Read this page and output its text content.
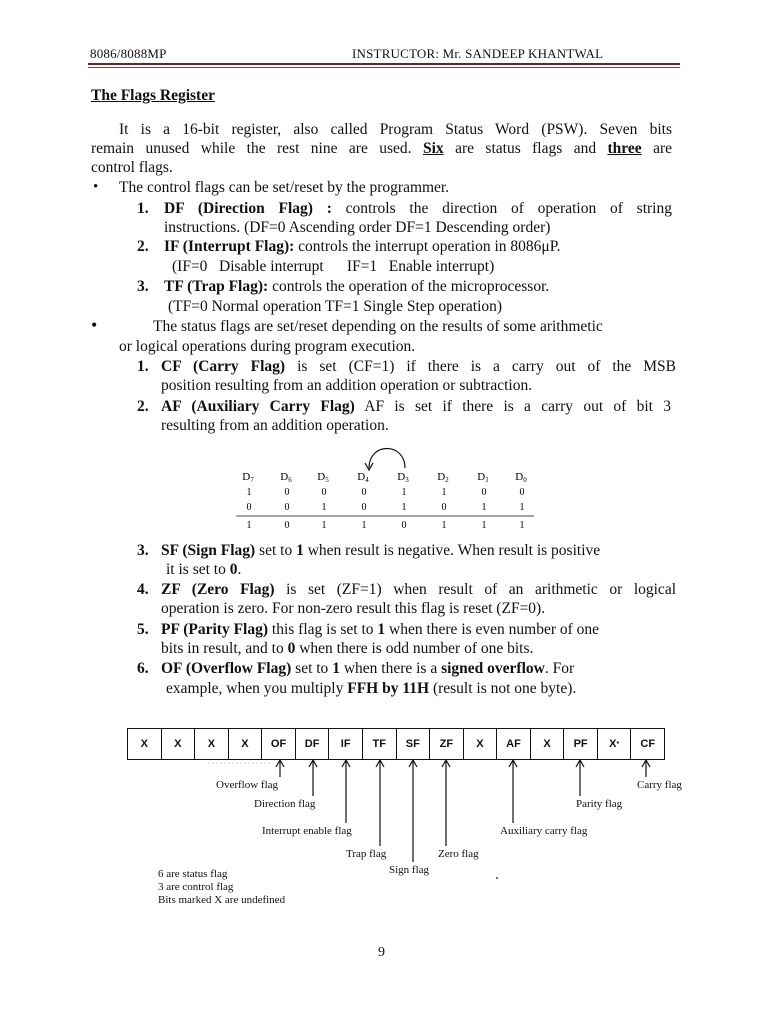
8086/8088MP	INSTRUCTOR: Mr. SANDEEP KHANTWAL
The Flags Register
It is a 16-bit register, also called Program Status Word (PSW). Seven bits
remain unused while the rest nine are used. Six are status flags and three are
control flags.
• The control flags can be set/reset by the programmer.
1. DF (Direction Flag) : controls the direction of operation of string
instructions. (DF=0 Ascending order DF=1 Descending order)
2. IF (Interrupt Flag): controls the interrupt operation in 8086μP.
(IF=0   Disable interrupt      IF=1   Enable interrupt)
3. TF (Trap Flag): controls the operation of the microprocessor.
(TF=0 Normal operation TF=1 Single Step operation)
•	The status flags are set/reset depending on the results of some arithmetic
or logical operations during program execution.
1. CF (Carry Flag) is set (CF=1) if there is a carry out of the MSB
position resulting from an addition operation or subtraction.
2. AF (Auxiliary Carry Flag) AF is set if there is a carry out of bit 3
resulting from an addition operation.
D7 D6 D5	D4	D3	D2	D1 D0
1	0	0	0	1	1	0	0
0	0	1	0	1	0	1	1
1	0	1	1	0	1	1	1
3. SF (Sign Flag) set to 1 when result is negative. When result is positive
it is set to 0.
4. ZF (Zero Flag) is set (ZF=1) when result of an arithmetic or logical
operation is zero. For non-zero result this flag is reset (ZF=0).
5. PF (Parity Flag) this flag is set to 1 when there is even number of one
bits in result, and to 0 when there is odd number of one bits.
6. OF (Overflow Flag) set to 1 when there is a signed overflow. For
example, when you multiply FFH by 11H (result is not one byte).
X	X	X	X	OF	DF	IF	TF	SF	ZF	X	AF	X	PF	X *	CF
Overflow flag
Direction flag
Interrupt enable flag
Trap flag
Sign flag
Zero flag
Auxiliary carry flag
Parity flag
Carry flag
6 are status flag
3 are control flag
Bits marked X are undefined
9
